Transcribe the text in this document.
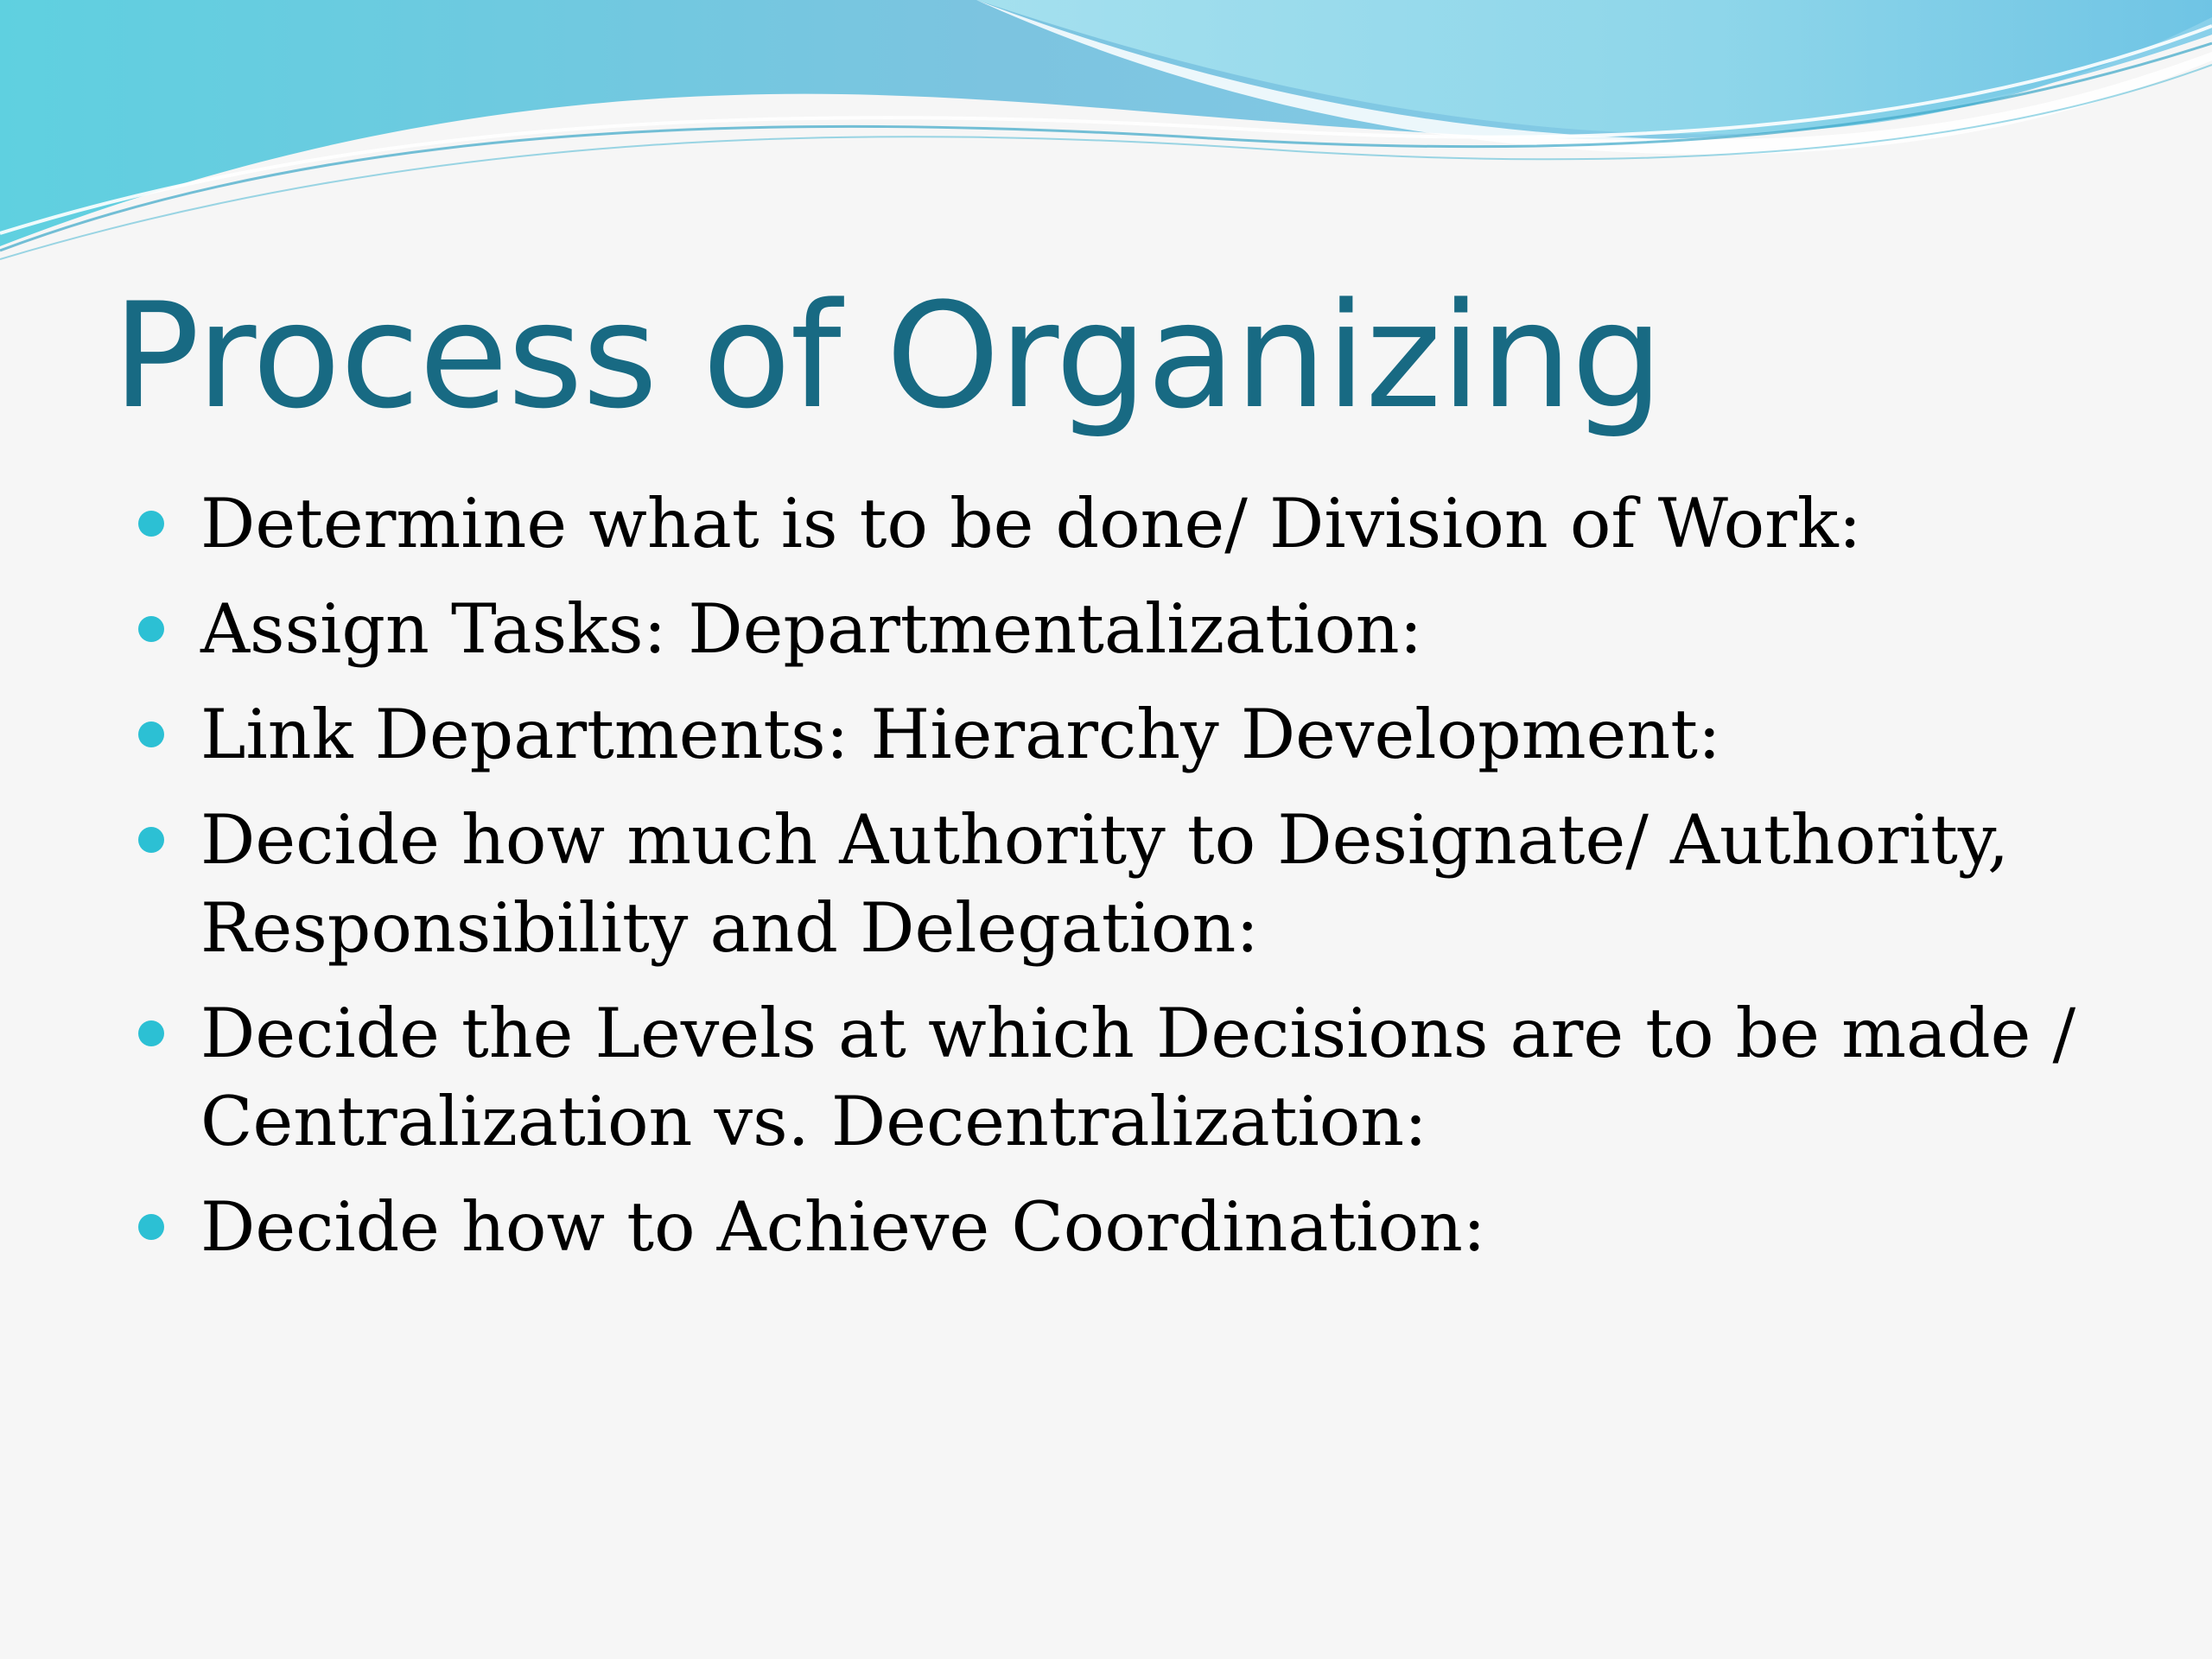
Process of Organizing
Determine what is to be done/ Division of Work:
Assign Tasks: Departmentalization:
Link Departments: Hierarchy Development:
Decide how much Authority to Designate/ Authority, Responsibility and Delegation:
Decide the Levels at which Decisions are to be made / Centralization vs. Decentralization:
Decide how to Achieve Coordination:
